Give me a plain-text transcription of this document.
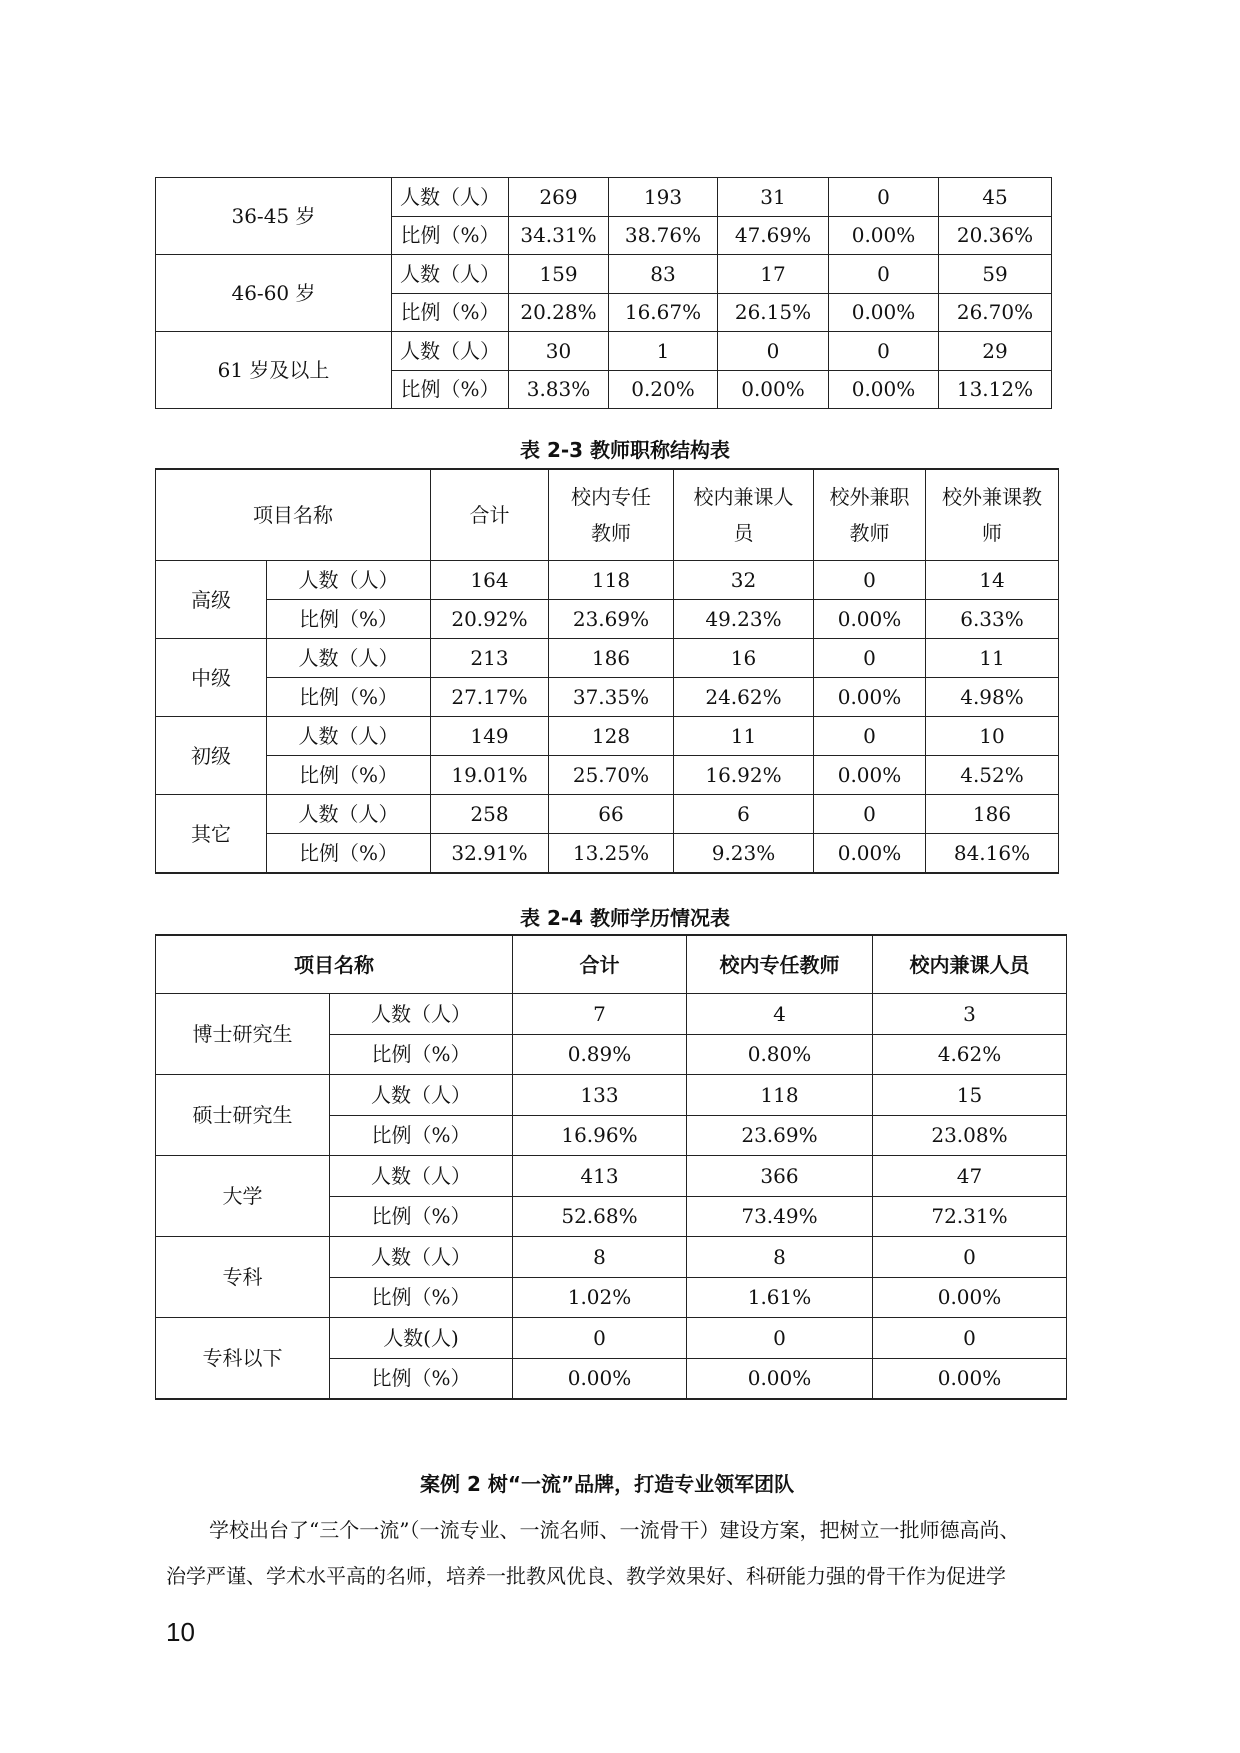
36-45 岁	人数（人）	269	193	31	0	45
	比例（%）	34.31%	38.76%	47.69%	0.00%	20.36%
46-60 岁	人数（人）	159	83	17	0	59
	比例（%）	20.28%	16.67%	26.15%	0.00%	26.70%
61 岁及以上	人数（人）	30	1	0	0	29
	比例（%）	3.83%	0.20%	0.00%	0.00%	13.12%
表 2-3 教师职称结构表
项目名称		合计	校内专任教师	校内兼课人员	校外兼职教师	校外兼课教师

高级	人数（人）	164	118	32	0	14
	比例（%）	20.92%	23.69%	49.23%	0.00%	6.33%
中级	人数（人）	213	186	16	0	11
	比例（%）	27.17%	37.35%	24.62%	0.00%	4.98%
初级	人数（人）	149	128	11	0	10
	比例（%）	19.01%	25.70%	16.92%	0.00%	4.52%
其它	人数（人）	258	66	6	0	186
	比例（%）	32.91%	13.25%	9.23%	0.00%	84.16%
表 2-4 教师学历情况表
项目名称		合计	校内专任教师	校内兼课人员
博士研究生	人数（人）	7	4	3
	比例（%）	0.89%	0.80%	4.62%
硕士研究生	人数（人）	133	118	15
	比例（%）	16.96%	23.69%	23.08%
大学	人数（人）	413	366	47
	比例（%）	52.68%	73.49%	72.31%
专科	人数（人）	8	8	0
	比例（%）	1.02%	1.61%	0.00%
专科以下	人数(人)	0	0	0
	比例（%）	0.00%	0.00%	0.00%
案例 2 树“一流”品牌，打造专业领军团队
学校出台了“三个一流”（一流专业、一流名师、一流骨干）建设方案，把树立一批师德高尚、
治学严谨、学术水平高的名师，培养一批教风优良、教学效果好、科研能力强的骨干作为促进学
10
